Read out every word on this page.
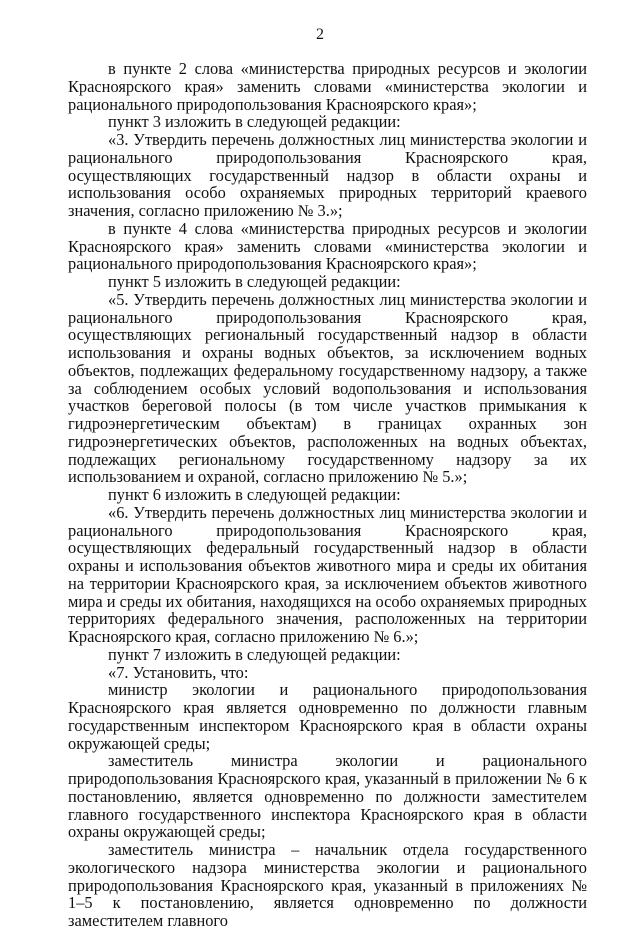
2

в пункте 2 слова «министерства природных ресурсов и экологии Красноярского края» заменить словами «министерства экологии и рационального природопользования Красноярского края»;

пункт 3 изложить в следующей редакции:

«3. Утвердить перечень должностных лиц министерства экологии и рационального природопользования Красноярского края, осуществляющих государственный надзор в области охраны и использования особо охраняемых природных территорий краевого значения, согласно приложению № 3.»;

в пункте 4 слова «министерства природных ресурсов и экологии Красноярского края» заменить словами «министерства экологии и рационального природопользования Красноярского края»;

пункт 5 изложить в следующей редакции:

«5. Утвердить перечень должностных лиц министерства экологии и рационального природопользования Красноярского края, осуществляющих региональный государственный надзор в области использования и охраны водных объектов, за исключением водных объектов, подлежащих федеральному государственному надзору, а также за соблюдением особых условий водопользования и использования участков береговой полосы (в том числе участков примыкания к гидроэнергетическим объектам) в границах охранных зон гидроэнергетических объектов, расположенных на водных объектах, подлежащих региональному государственному надзору за их использованием и охраной, согласно приложению № 5.»;

пункт 6 изложить в следующей редакции:

«6. Утвердить перечень должностных лиц министерства экологии и рационального природопользования Красноярского края, осуществляющих федеральный государственный надзор в области охраны и использования объектов животного мира и среды их обитания на территории Красноярского края, за исключением объектов животного мира и среды их обитания, находящихся на особо охраняемых природных территориях федерального значения, расположенных на территории Красноярского края, согласно приложению № 6.»;

пункт 7 изложить в следующей редакции:

«7. Установить, что:

министр экологии и рационального природопользования Красноярского края является одновременно по должности главным государственным инспектором Красноярского края в области охраны окружающей среды;

заместитель министра экологии и рационального природопользования Красноярского края, указанный в приложении № 6 к постановлению, является одновременно по должности заместителем главного государственного инспектора Красноярского края в области охраны окружающей среды;

заместитель министра – начальник отдела государственного экологического надзора министерства экологии и рационального природопользования Красноярского края, указанный в приложениях № 1–5 к постановлению, является одновременно по должности заместителем главного
